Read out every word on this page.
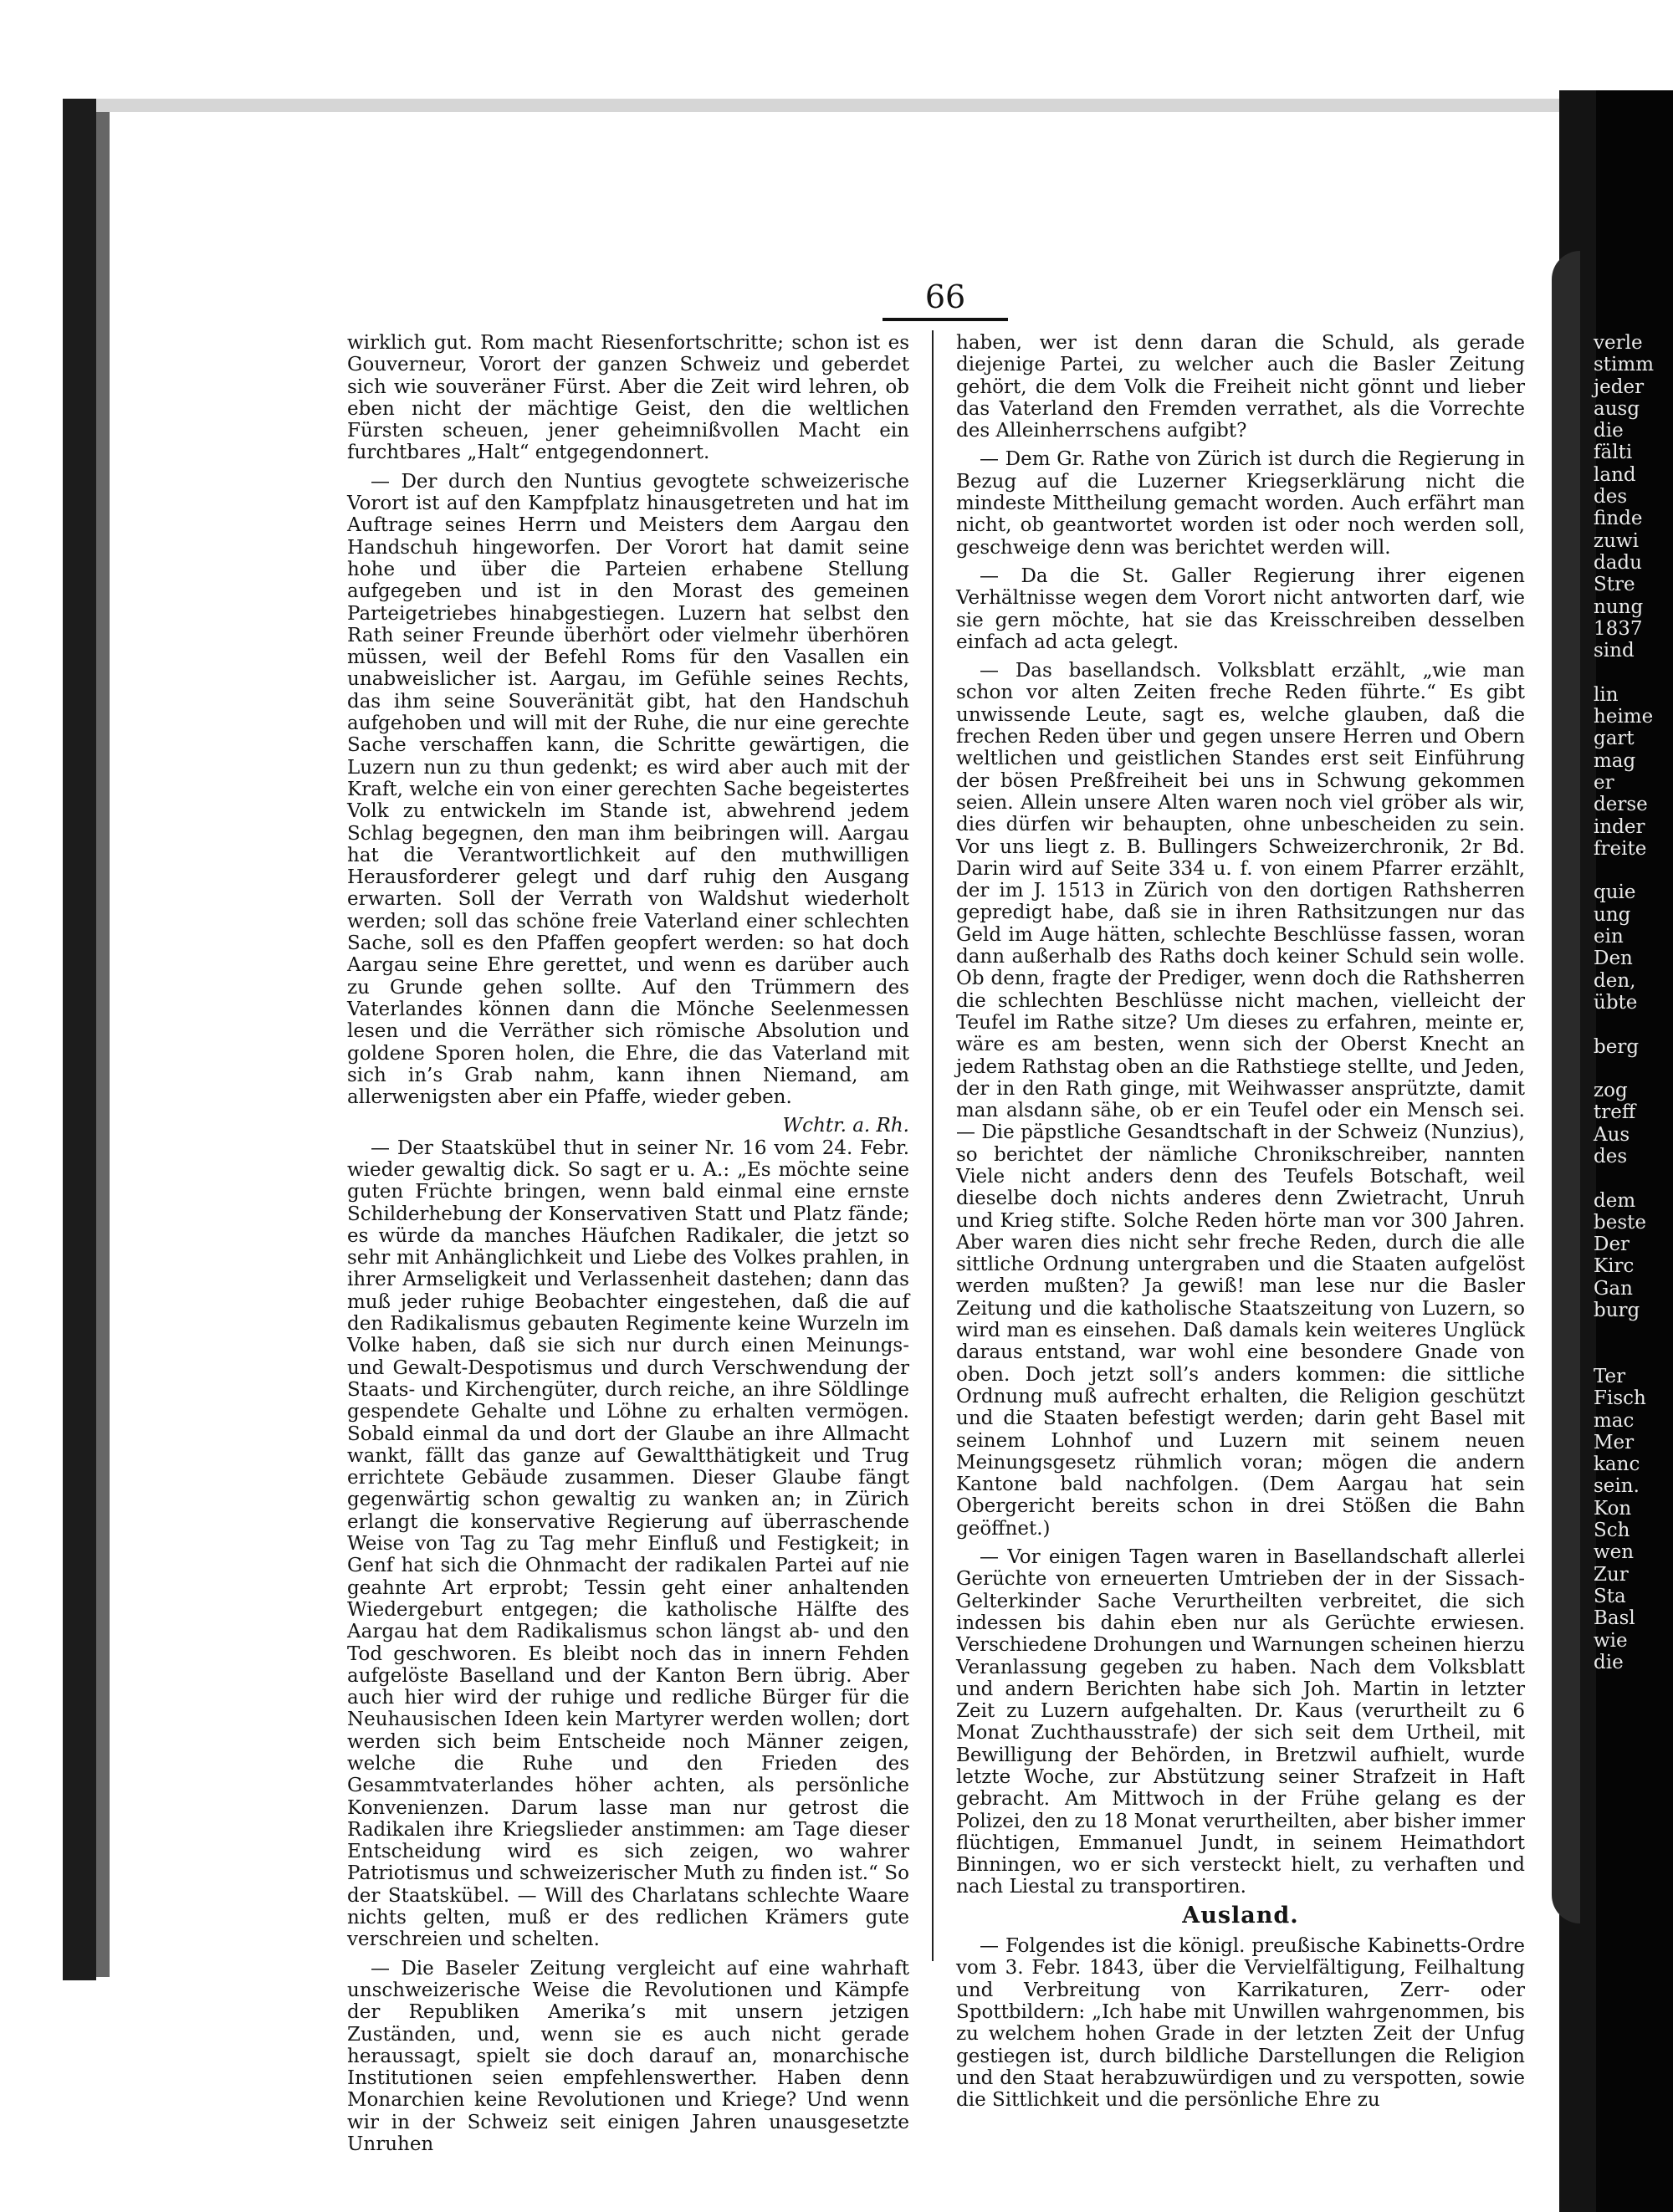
66

wirklich gut. Rom macht Riesenfortschritte; schon ist es Gouverneur, Vorort der ganzen Schweiz und geberdet sich wie souveräner Fürst. Aber die Zeit wird lehren, ob eben nicht der mächtige Geist, den die weltlichen Fürsten scheuen, jener geheimnißvollen Macht ein furchtbares „Halt“ entgegendonnert.

— Der durch den Nuntius gevogtete schweizerische Vorort ist auf den Kampfplatz hinausgetreten und hat im Auftrage seines Herrn und Meisters dem Aargau den Handschuh hingeworfen. Der Vorort hat damit seine hohe und über die Parteien erhabene Stellung aufgegeben und ist in den Morast des gemeinen Parteigetriebes hinabgestiegen. Luzern hat selbst den Rath seiner Freunde überhört oder vielmehr überhören müssen, weil der Befehl Roms für den Vasallen ein unabweislicher ist. Aargau, im Gefühle seines Rechts, das ihm seine Souveränität gibt, hat den Handschuh aufgehoben und will mit der Ruhe, die nur eine gerechte Sache verschaffen kann, die Schritte gewärtigen, die Luzern nun zu thun gedenkt; es wird aber auch mit der Kraft, welche ein von einer gerechten Sache begeistertes Volk zu entwickeln im Stande ist, abwehrend jedem Schlag begegnen, den man ihm beibringen will. Aargau hat die Verantwortlichkeit auf den muthwilligen Herausforderer gelegt und darf ruhig den Ausgang erwarten. Soll der Verrath von Waldshut wiederholt werden; soll das schöne freie Vaterland einer schlechten Sache, soll es den Pfaffen geopfert werden: so hat doch Aargau seine Ehre gerettet, und wenn es darüber auch zu Grunde gehen sollte. Auf den Trümmern des Vaterlandes können dann die Mönche Seelenmessen lesen und die Verräther sich römische Absolution und goldene Sporen holen, die Ehre, die das Vaterland mit sich in’s Grab nahm, kann ihnen Niemand, am allerwenigsten aber ein Pfaffe, wieder geben.

Wchtr. a. Rh.

— Der Staatskübel thut in seiner Nr. 16 vom 24. Febr. wieder gewaltig dick. So sagt er u. A.: „Es möchte seine guten Früchte bringen, wenn bald einmal eine ernste Schilderhebung der Konservativen Statt und Platz fände; es würde da manches Häufchen Radikaler, die jetzt so sehr mit Anhänglichkeit und Liebe des Volkes prahlen, in ihrer Armseligkeit und Verlassenheit dastehen; dann das muß jeder ruhige Beobachter eingestehen, daß die auf den Radikalismus gebauten Regimente keine Wurzeln im Volke haben, daß sie sich nur durch einen Meinungs- und Gewalt-Despotismus und durch Verschwendung der Staats- und Kirchengüter, durch reiche, an ihre Söldlinge gespendete Gehalte und Löhne zu erhalten vermögen. Sobald einmal da und dort der Glaube an ihre Allmacht wankt, fällt das ganze auf Gewaltthätigkeit und Trug errichtete Gebäude zusammen. Dieser Glaube fängt gegenwärtig schon gewaltig zu wanken an; in Zürich erlangt die konservative Regierung auf überraschende Weise von Tag zu Tag mehr Einfluß und Festigkeit; in Genf hat sich die Ohnmacht der radikalen Partei auf nie geahnte Art erprobt; Tessin geht einer anhaltenden Wiedergeburt entgegen; die katholische Hälfte des Aargau hat dem Radikalismus schon längst ab- und den Tod geschworen. Es bleibt noch das in innern Fehden aufgelöste Baselland und der Kanton Bern übrig. Aber auch hier wird der ruhige und redliche Bürger für die Neuhausischen Ideen kein Martyrer werden wollen; dort werden sich beim Entscheide noch Männer zeigen, welche die Ruhe und den Frieden des Gesammtvaterlandes höher achten, als persönliche Konvenienzen. Darum lasse man nur getrost die Radikalen ihre Kriegslieder anstimmen: am Tage dieser Entscheidung wird es sich zeigen, wo wahrer Patriotismus und schweizerischer Muth zu finden ist.“ So der Staatskübel. — Will des Charlatans schlechte Waare nichts gelten, muß er des redlichen Krämers gute verschreien und schelten.

— Die Baseler Zeitung vergleicht auf eine wahrhaft unschweizerische Weise die Revolutionen und Kämpfe der Republiken Amerika’s mit unsern jetzigen Zuständen, und, wenn sie es auch nicht gerade heraussagt, spielt sie doch darauf an, monarchische Institutionen seien empfehlenswerther. Haben denn Monarchien keine Revolutionen und Kriege? Und wenn wir in der Schweiz seit einigen Jahren unausgesetzte Unruhen

haben, wer ist denn daran die Schuld, als gerade diejenige Partei, zu welcher auch die Basler Zeitung gehört, die dem Volk die Freiheit nicht gönnt und lieber das Vaterland den Fremden verrathet, als die Vorrechte des Alleinherrschens aufgibt?

— Dem Gr. Rathe von Zürich ist durch die Regierung in Bezug auf die Luzerner Kriegserklärung nicht die mindeste Mittheilung gemacht worden. Auch erfährt man nicht, ob geantwortet worden ist oder noch werden soll, geschweige denn was berichtet werden will.

— Da die St. Galler Regierung ihrer eigenen Verhältnisse wegen dem Vorort nicht antworten darf, wie sie gern möchte, hat sie das Kreisschreiben desselben einfach ad acta gelegt.

— Das basellandsch. Volksblatt erzählt, „wie man schon vor alten Zeiten freche Reden führte.“ Es gibt unwissende Leute, sagt es, welche glauben, daß die frechen Reden über und gegen unsere Herren und Obern weltlichen und geistlichen Standes erst seit Einführung der bösen Preßfreiheit bei uns in Schwung gekommen seien. Allein unsere Alten waren noch viel gröber als wir, dies dürfen wir behaupten, ohne unbescheiden zu sein. Vor uns liegt z. B. Bullingers Schweizerchronik, 2r Bd. Darin wird auf Seite 334 u. f. von einem Pfarrer erzählt, der im J. 1513 in Zürich von den dortigen Rathsherren gepredigt habe, daß sie in ihren Rathsitzungen nur das Geld im Auge hätten, schlechte Beschlüsse fassen, woran dann außerhalb des Raths doch keiner Schuld sein wolle. Ob denn, fragte der Prediger, wenn doch die Rathsherren die schlechten Beschlüsse nicht machen, vielleicht der Teufel im Rathe sitze? Um dieses zu erfahren, meinte er, wäre es am besten, wenn sich der Oberst Knecht an jedem Rathstag oben an die Rathstiege stellte, und Jeden, der in den Rath ginge, mit Weihwasser ansprützte, damit man alsdann sähe, ob er ein Teufel oder ein Mensch sei. — Die päpstliche Gesandtschaft in der Schweiz (Nunzius), so berichtet der nämliche Chronikschreiber, nannten Viele nicht anders denn des Teufels Botschaft, weil dieselbe doch nichts anderes denn Zwietracht, Unruh und Krieg stifte. Solche Reden hörte man vor 300 Jahren. Aber waren dies nicht sehr freche Reden, durch die alle sittliche Ordnung untergraben und die Staaten aufgelöst werden mußten? Ja gewiß! man lese nur die Basler Zeitung und die katholische Staatszeitung von Luzern, so wird man es einsehen. Daß damals kein weiteres Unglück daraus entstand, war wohl eine besondere Gnade von oben. Doch jetzt soll’s anders kommen: die sittliche Ordnung muß aufrecht erhalten, die Religion geschützt und die Staaten befestigt werden; darin geht Basel mit seinem Lohnhof und Luzern mit seinem neuen Meinungsgesetz rühmlich voran; mögen die andern Kantone bald nachfolgen. (Dem Aargau hat sein Obergericht bereits schon in drei Stößen die Bahn geöffnet.)

— Vor einigen Tagen waren in Basellandschaft allerlei Gerüchte von erneuerten Umtrieben der in der Sissach-Gelterkinder Sache Verurtheilten verbreitet, die sich indessen bis dahin eben nur als Gerüchte erwiesen. Verschiedene Drohungen und Warnungen scheinen hierzu Veranlassung gegeben zu haben. Nach dem Volksblatt und andern Berichten habe sich Joh. Martin in letzter Zeit zu Luzern aufgehalten. Dr. Kaus (verurtheilt zu 6 Monat Zuchthausstrafe) der sich seit dem Urtheil, mit Bewilligung der Behörden, in Bretzwil aufhielt, wurde letzte Woche, zur Abstützung seiner Strafzeit in Haft gebracht. Am Mittwoch in der Frühe gelang es der Polizei, den zu 18 Monat verurtheilten, aber bisher immer flüchtigen, Emmanuel Jundt, in seinem Heimathdort Binningen, wo er sich versteckt hielt, zu verhaften und nach Liestal zu transportiren.

Ausland.

— Folgendes ist die königl. preußische Kabinetts-Ordre vom 3. Febr. 1843, über die Vervielfältigung, Feilhaltung und Verbreitung von Karrikaturen, Zerr- oder Spottbildern: „Ich habe mit Unwillen wahrgenommen, bis zu welchem hohen Grade in der letzten Zeit der Unfug gestiegen ist, durch bildliche Darstellungen die Religion und den Staat herabzuwürdigen und zu verspotten, sowie die Sittlichkeit und die persönliche Ehre zu

verle
stimm
jeder
ausg
die
fälti
land
des
finde
zuwi
dadu
Stre
nung
1837
sind
lin
heime
gart
mag
er
derse
inder
freite
quie
ung
ein
Den
den,
übte
berg
zog
treff
Aus
des
dem
beste
Der
Kirc
Gan
burg
Ter
Fisch
mac
Mer
kanc
sein.
Kon
Sch
wen
Zur
Sta
Basl
wie
die
